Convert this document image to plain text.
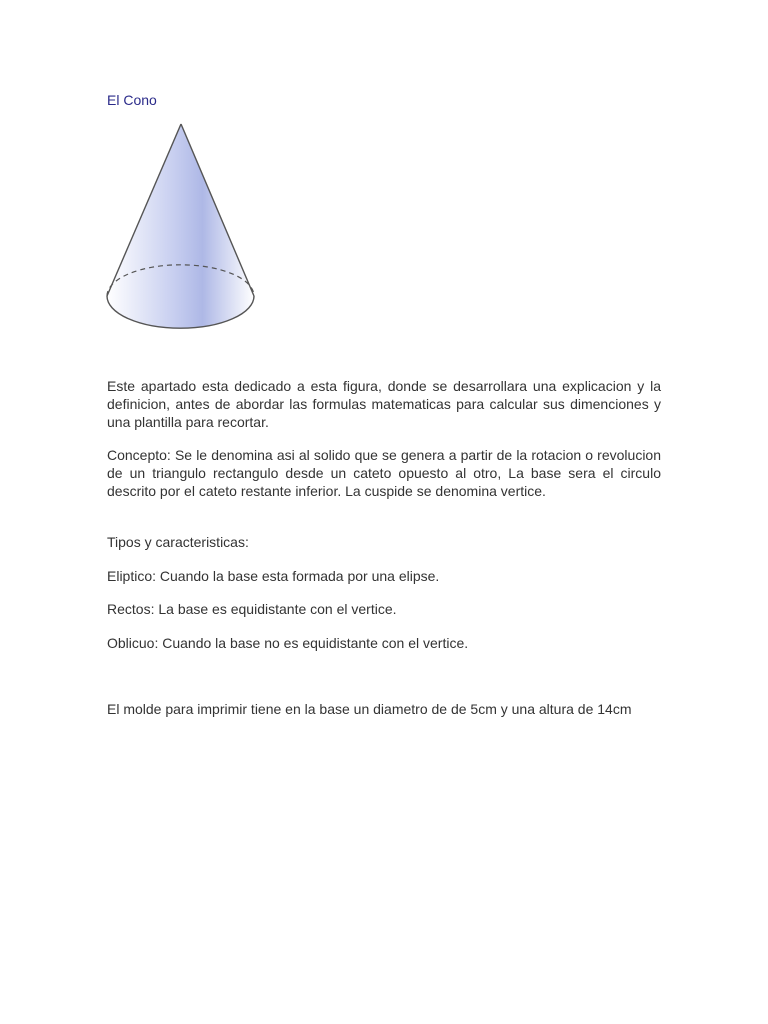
El Cono

Este apartado esta dedicado a esta figura, donde se desarrollara una explicacion y la definicion, antes de abordar las formulas matematicas para calcular sus dimenciones y una plantilla para recortar.

Concepto: Se le denomina asi al solido que se genera a partir de la rotacion o revolucion de un triangulo rectangulo desde un cateto opuesto al otro, La base sera el circulo descrito por el cateto restante inferior. La cuspide se denomina vertice.

Tipos y caracteristicas:

Eliptico: Cuando la base esta formada por una elipse.

Rectos: La base es equidistante con el vertice.

Oblicuo: Cuando la base no es equidistante con el vertice.

El molde para imprimir tiene en la base un diametro de de 5cm y una altura de 14cm
